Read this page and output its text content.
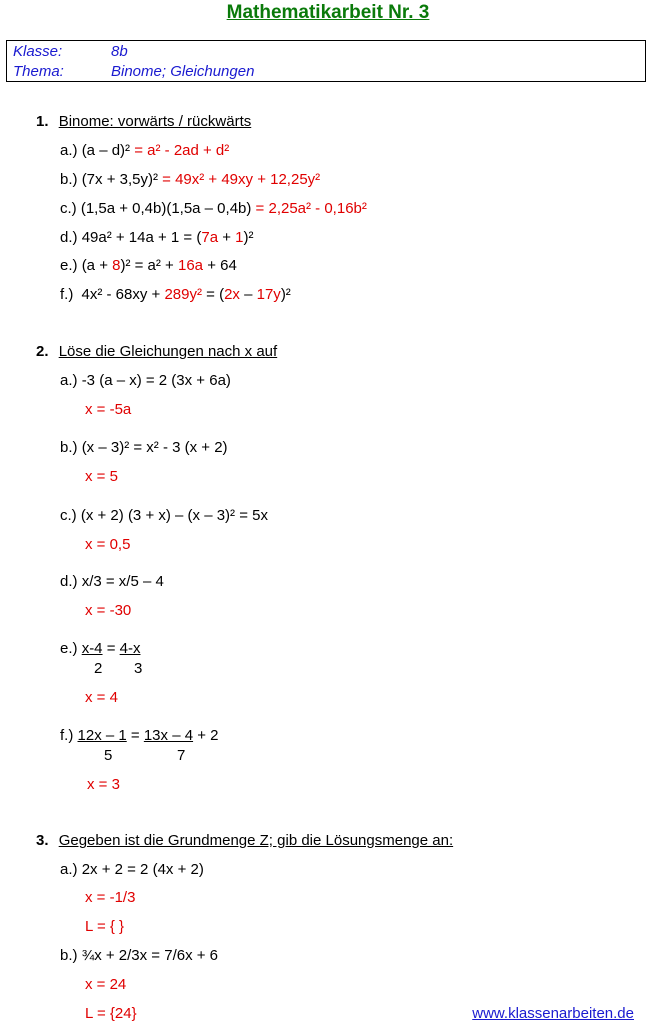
Mathematikarbeit Nr. 3
Klasse:	8b
Thema:	Binome; Gleichungen
1. Binome: vorwärts / rückwärts
a.) (a – d)² = a² - 2ad + d²
b.) (7x + 3,5y)² = 49x² + 49xy + 12,25y²
c.) (1,5a + 0,4b)(1,5a – 0,4b) = 2,25a² - 0,16b²
d.) 49a² + 14a + 1 = (7a + 1)²
e.) (a + 8)² = a² + 16a + 64
f.) 4x² - 68xy + 289y² = (2x – 17y)²
2. Löse die Gleichungen nach x auf
a.) -3 (a – x) = 2 (3x + 6a)
x = -5a
b.) (x – 3)² = x² - 3 (x + 2)
x = 5
c.) (x + 2) (3 + x) – (x – 3)² = 5x
x = 0,5
d.) x/3 = x/5 – 4
x = -30
e.) x-4 = 4-x
2 3
x = 4
f.) 12x – 1 = 13x – 4 + 2
5	7
x = 3
3. Gegeben ist die Grundmenge Z; gib die Lösungsmenge an:
a.) 2x + 2 = 2 (4x + 2)
x = -1/3
L = { }
b.) ¾x + 2/3x = 7/6x + 6
x = 24
L = {24}	www.klassenarbeiten.de
